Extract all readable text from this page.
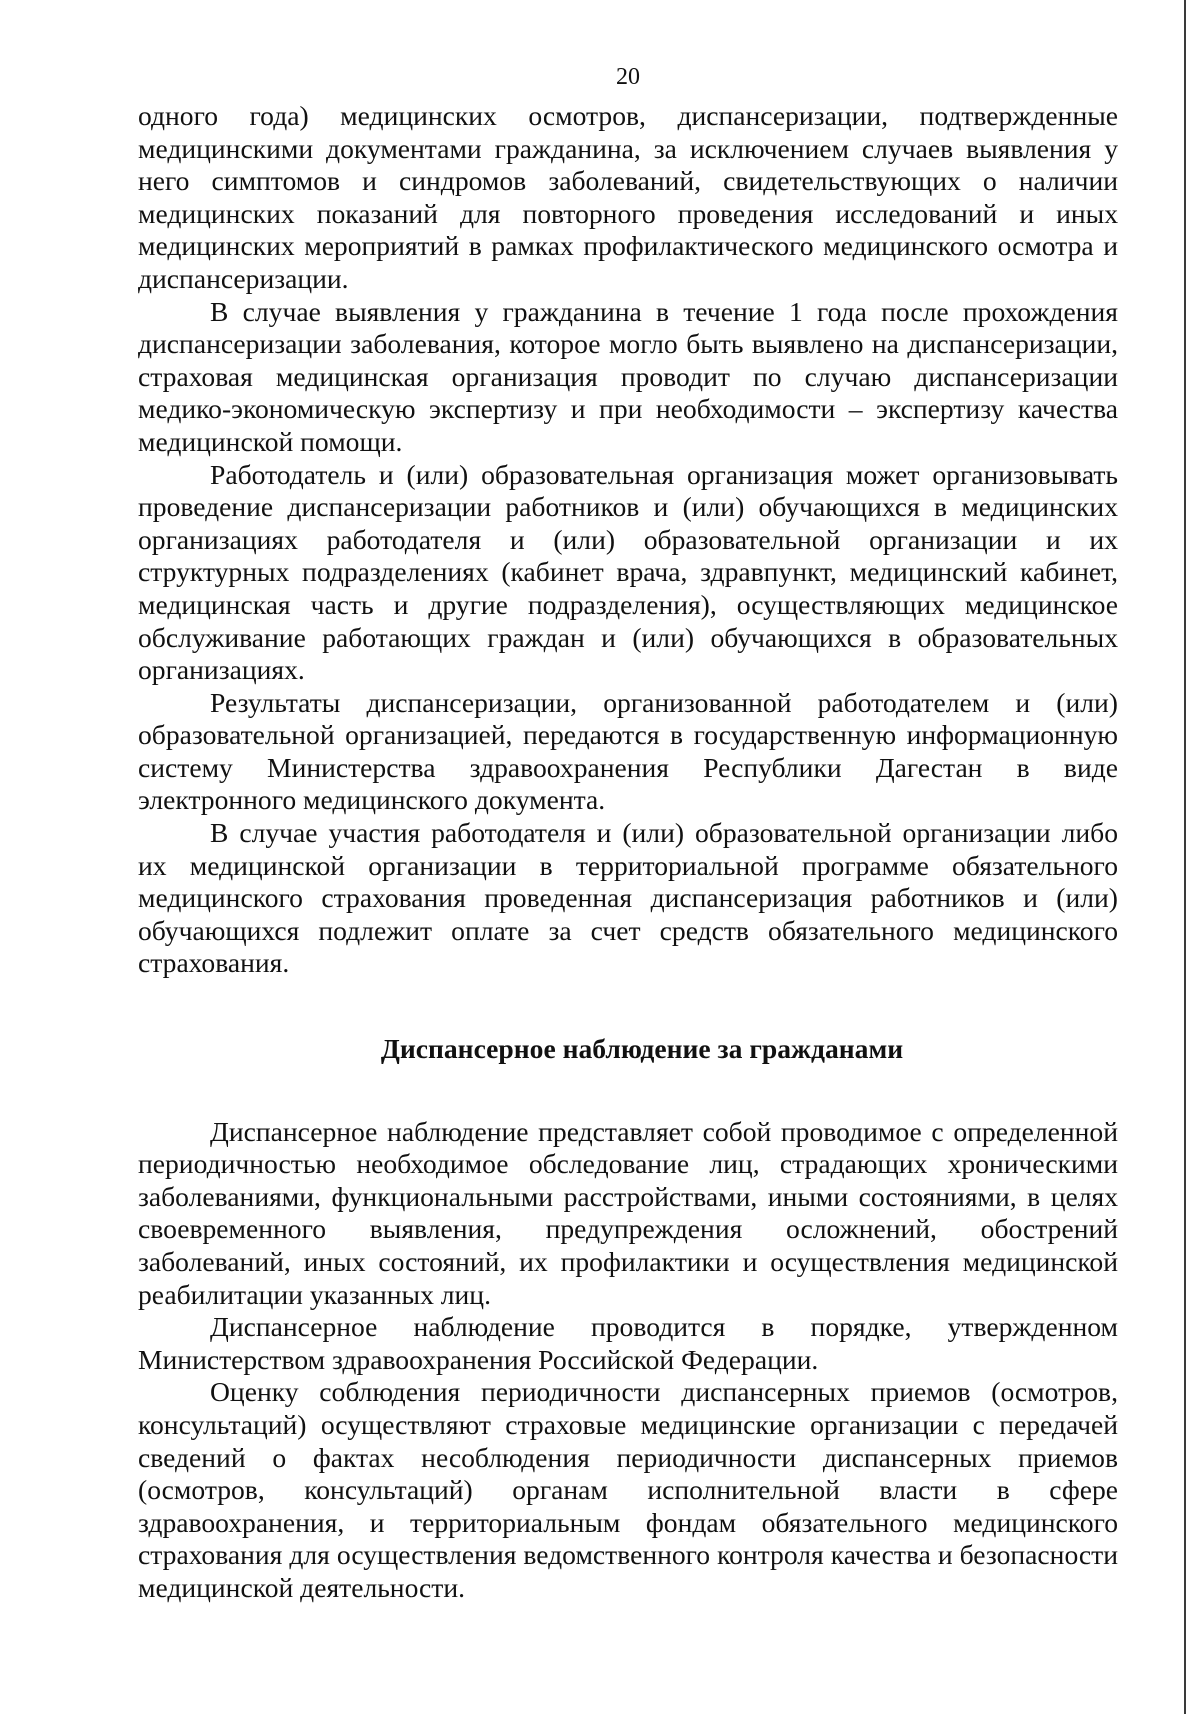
20

одного года) медицинских осмотров, диспансеризации, подтвержденные медицинскими документами гражданина, за исключением случаев выявления у него симптомов и синдромов заболеваний, свидетельствующих о наличии медицинских показаний для повторного проведения исследований и иных медицинских мероприятий в рамках профилактического медицинского осмотра и диспансеризации.

В случае выявления у гражданина в течение 1 года после прохождения диспансеризации заболевания, которое могло быть выявлено на диспансеризации, страховая медицинская организация проводит по случаю диспансеризации медико-экономическую экспертизу и при необходимости – экспертизу качества медицинской помощи.

Работодатель и (или) образовательная организация может организовывать проведение диспансеризации работников и (или) обучающихся в медицинских организациях работодателя и (или) образовательной организации и их структурных подразделениях (кабинет врача, здравпункт, медицинский кабинет, медицинская часть и другие подразделения), осуществляющих медицинское обслуживание работающих граждан и (или) обучающихся в образовательных организациях.

Результаты диспансеризации, организованной работодателем и (или) образовательной организацией, передаются в государственную информационную систему Министерства здравоохранения Республики Дагестан в виде электронного медицинского документа.

В случае участия работодателя и (или) образовательной организации либо их медицинской организации в территориальной программе обязательного медицинского страхования проведенная диспансеризация работников и (или) обучающихся подлежит оплате за счет средств обязательного медицинского страхования.

Диспансерное наблюдение за гражданами

Диспансерное наблюдение представляет собой проводимое с определенной периодичностью необходимое обследование лиц, страдающих хроническими заболеваниями, функциональными расстройствами, иными состояниями, в целях своевременного выявления, предупреждения осложнений, обострений заболеваний, иных состояний, их профилактики и осуществления медицинской реабилитации указанных лиц.

Диспансерное наблюдение проводится в порядке, утвержденном Министерством здравоохранения Российской Федерации.

Оценку соблюдения периодичности диспансерных приемов (осмотров, консультаций) осуществляют страховые медицинские организации с передачей сведений о фактах несоблюдения периодичности диспансерных приемов (осмотров, консультаций) органам исполнительной власти в сфере здравоохранения, и территориальным фондам обязательного медицинского страхования для осуществления ведомственного контроля качества и безопасности медицинской деятельности.
